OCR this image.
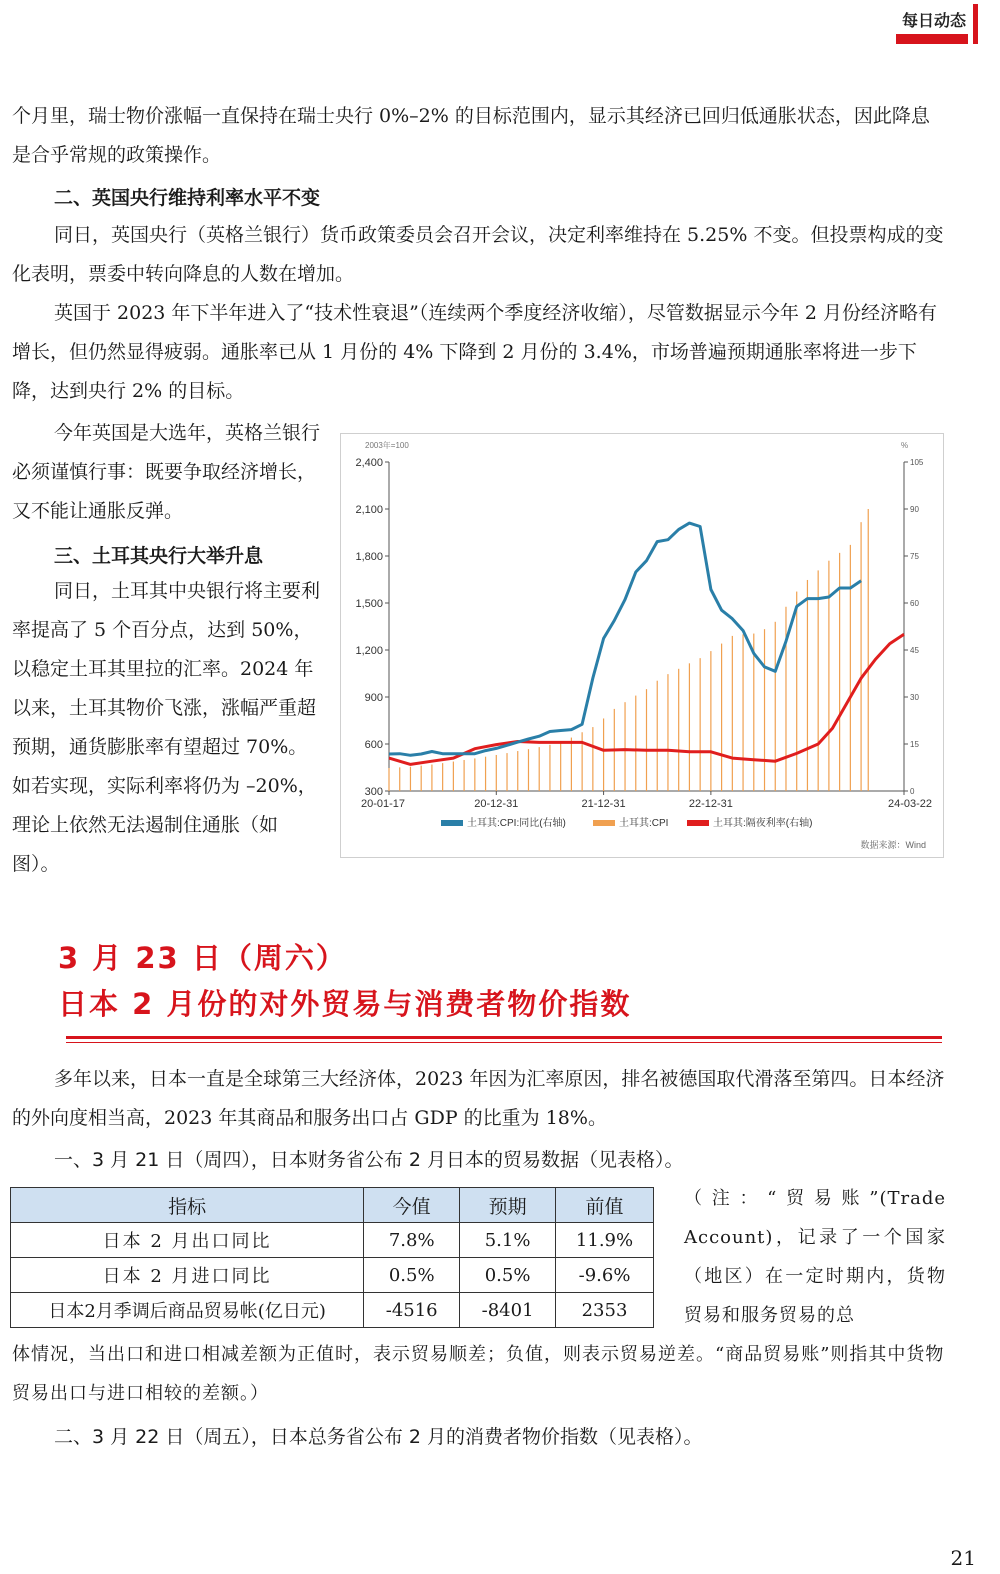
每日动态
个月里，瑞士物价涨幅一直保持在瑞士央行 0%–2% 的目标范围内，显示其经济已回归低通胀状态，因此降息是合乎常规的政策操作。
二、英国央行维持利率水平不变
同日，英国央行（英格兰银行）货币政策委员会召开会议，决定利率维持在 5.25% 不变。但投票构成的变化表明，票委中转向降息的人数在增加。
英国于 2023 年下半年进入了“技术性衰退”（连续两个季度经济收缩），尽管数据显示今年 2 月份经济略有增长，但仍然显得疲弱。通胀率已从 1 月份的 4% 下降到 2 月份的 3.4%，市场普遍预期通胀率将进一步下降，达到央行 2% 的目标。
今年英国是大选年，英格兰银行必须谨慎行事：既要争取经济增长，又不能让通胀反弹。
三、土耳其央行大举升息
同日，土耳其中央银行将主要利率提高了 5 个百分点，达到 50%，以稳定土耳其里拉的汇率。2024 年以来，土耳其物价飞涨，涨幅严重超预期，通货膨胀率有望超过 70%。如若实现，实际利率将仍为 –20%，理论上依然无法遏制住通胀（如图）。
2003年=100	%
300
600
900
1,200
1,500
1,800
2,100
2,400
0
15
30
45
60
75
90
105
20-01-17	20-12-31	21-12-31	22-12-31	24-03-22
土耳其:CPI:同比(右轴)	土耳其:CPI	土耳其:隔夜利率(右轴)
数据来源：Wind
3 月 23 日（周六）
日本 2 月份的对外贸易与消费者物价指数
多年以来，日本一直是全球第三大经济体，2023 年因为汇率原因，排名被德国取代滑落至第四。日本经济的外向度相当高，2023 年其商品和服务出口占 GDP 的比重为 18%。
一、3 月 21 日（周四），日本财务省公布 2 月日本的贸易数据（见表格）。
指标	今值	预期	前值
日本 2 月出口同比	7.8%	5.1%	11.9%
日本 2 月进口同比	0.5%	0.5%	-9.6%
日本2月季调后商品贸易帐(亿日元)	-4516	-8401	2353
（注：“贸易账”(Trade Account)，记录了一个国家（地区）在一定时期内，货物贸易和服务贸易的总
体情况，当出口和进口相减差额为正值时，表示贸易顺差；负值，则表示贸易逆差。“商品贸易账”则指其中货物贸易出口与进口相较的差额。）
二、3 月 22 日（周五），日本总务省公布 2 月的消费者物价指数（见表格）。
21
